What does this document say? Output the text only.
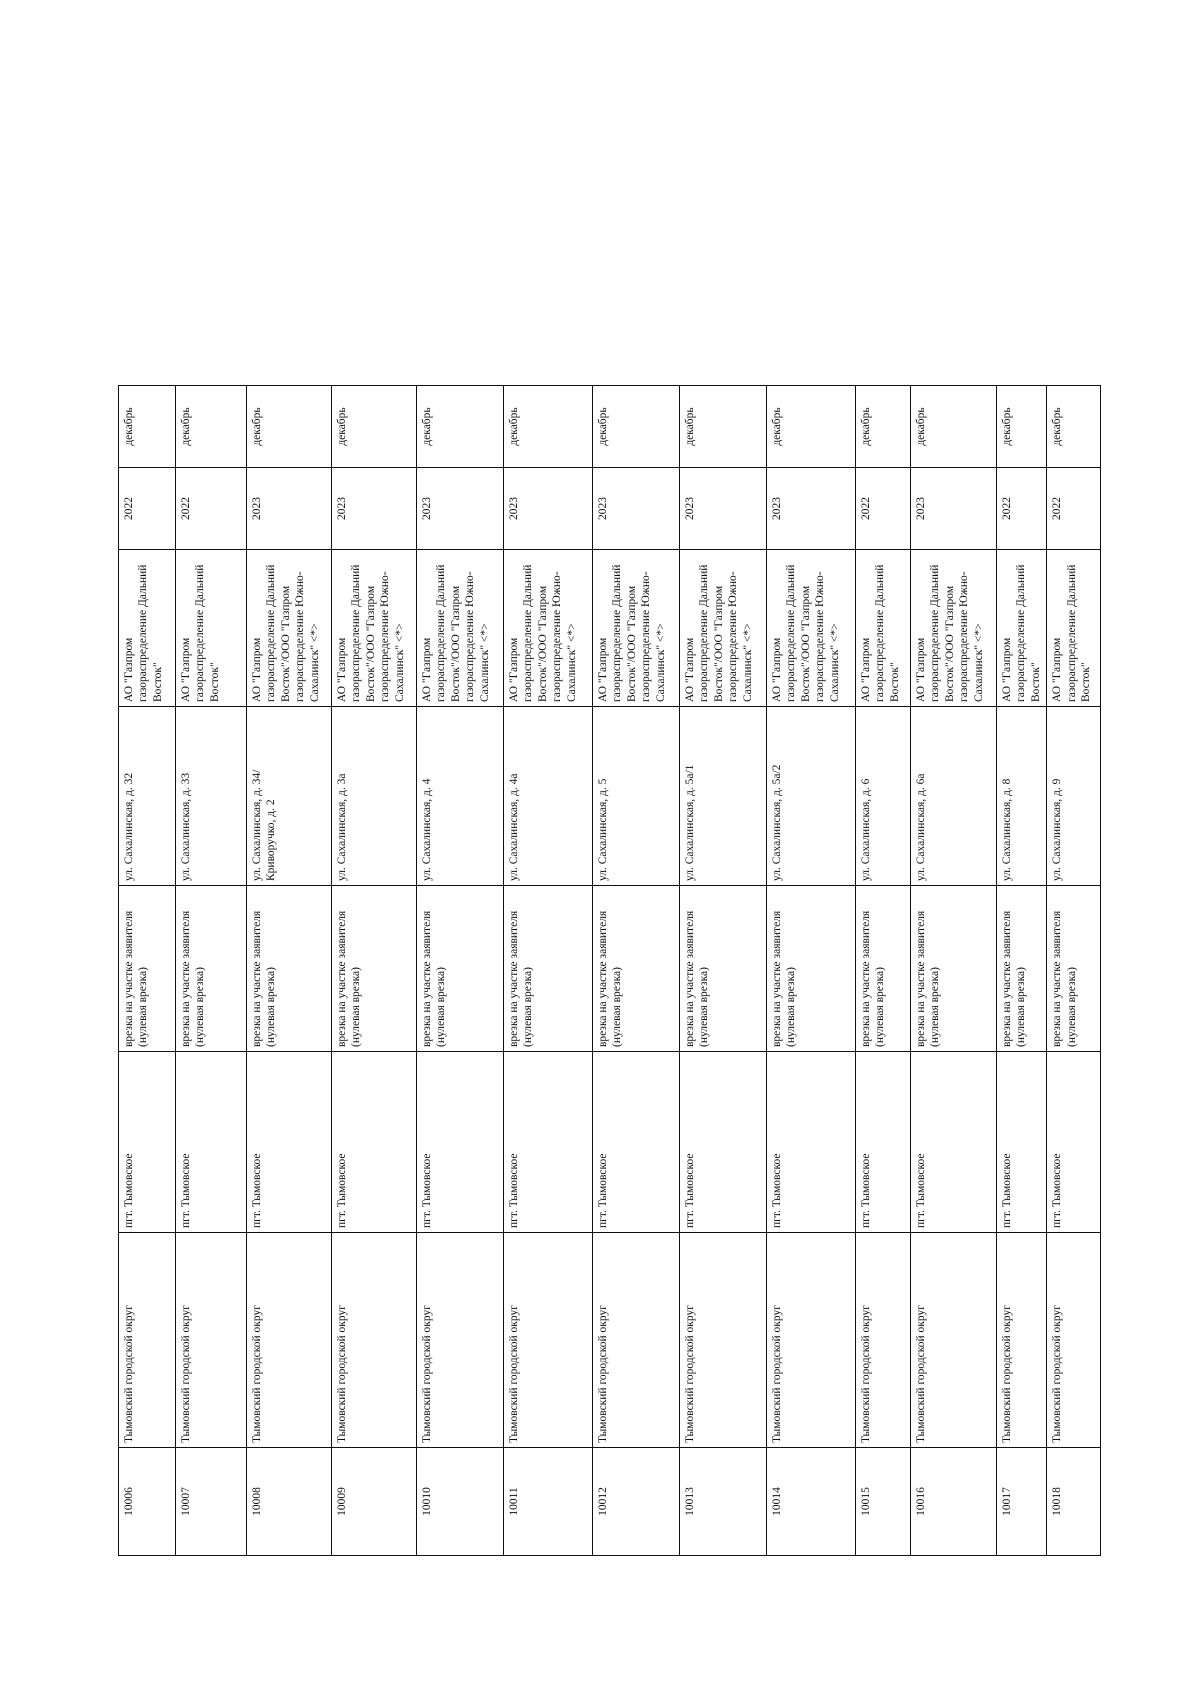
10006	Тымовский городской округ	пгт. Тымовское	врезка на участке заявителя (нулевая врезка)	ул. Сахалинская, д. 32	АО "Газпром газораспределение Дальний Восток"	2022	декабрь
10007	Тымовский городской округ	пгт. Тымовское	врезка на участке заявителя (нулевая врезка)	ул. Сахалинская, д. 33	АО "Газпром газораспределение Дальний Восток"	2022	декабрь
10008	Тымовский городской округ	пгт. Тымовское	врезка на участке заявителя (нулевая врезка)	ул. Сахалинская, д. 34/Криворучко, д. 2	АО "Газпром газораспределение Дальний Восток"/ООО "Газпром газораспределение Южно-Сахалинск" <*>	2023	декабрь
10009	Тымовский городской округ	пгт. Тымовское	врезка на участке заявителя (нулевая врезка)	ул. Сахалинская, д. 3а	АО "Газпром газораспределение Дальний Восток"/ООО "Газпром газораспределение Южно-Сахалинск" <*>	2023	декабрь
10010	Тымовский городской округ	пгт. Тымовское	врезка на участке заявителя (нулевая врезка)	ул. Сахалинская, д. 4	АО "Газпром газораспределение Дальний Восток"/ООО "Газпром газораспределение Южно-Сахалинск" <*>	2023	декабрь
10011	Тымовский городской округ	пгт. Тымовское	врезка на участке заявителя (нулевая врезка)	ул. Сахалинская, д. 4а	АО "Газпром газораспределение Дальний Восток"/ООО "Газпром газораспределение Южно-Сахалинск" <*>	2023	декабрь
10012	Тымовский городской округ	пгт. Тымовское	врезка на участке заявителя (нулевая врезка)	ул. Сахалинская, д. 5	АО "Газпром газораспределение Дальний Восток"/ООО "Газпром газораспределение Южно-Сахалинск" <*>	2023	декабрь
10013	Тымовский городской округ	пгт. Тымовское	врезка на участке заявителя (нулевая врезка)	ул. Сахалинская, д. 5а/1	АО "Газпром газораспределение Дальний Восток"/ООО "Газпром газораспределение Южно-Сахалинск" <*>	2023	декабрь
10014	Тымовский городской округ	пгт. Тымовское	врезка на участке заявителя (нулевая врезка)	ул. Сахалинская, д. 5а/2	АО "Газпром газораспределение Дальний Восток"/ООО "Газпром газораспределение Южно-Сахалинск" <*>	2023	декабрь
10015	Тымовский городской округ	пгт. Тымовское	врезка на участке заявителя (нулевая врезка)	ул. Сахалинская, д. 6	АО "Газпром газораспределение Дальний Восток"	2022	декабрь
10016	Тымовский городской округ	пгт. Тымовское	врезка на участке заявителя (нулевая врезка)	ул. Сахалинская, д. 6а	АО "Газпром газораспределение Дальний Восток"/ООО "Газпром газораспределение Южно-Сахалинск" <*>	2023	декабрь
10017	Тымовский городской округ	пгт. Тымовское	врезка на участке заявителя (нулевая врезка)	ул. Сахалинская, д. 8	АО "Газпром газораспределение Дальний Восток"	2022	декабрь
10018	Тымовский городской округ	пгт. Тымовское	врезка на участке заявителя (нулевая врезка)	ул. Сахалинская, д. 9	АО "Газпром газораспределение Дальний Восток"	2022	декабрь
